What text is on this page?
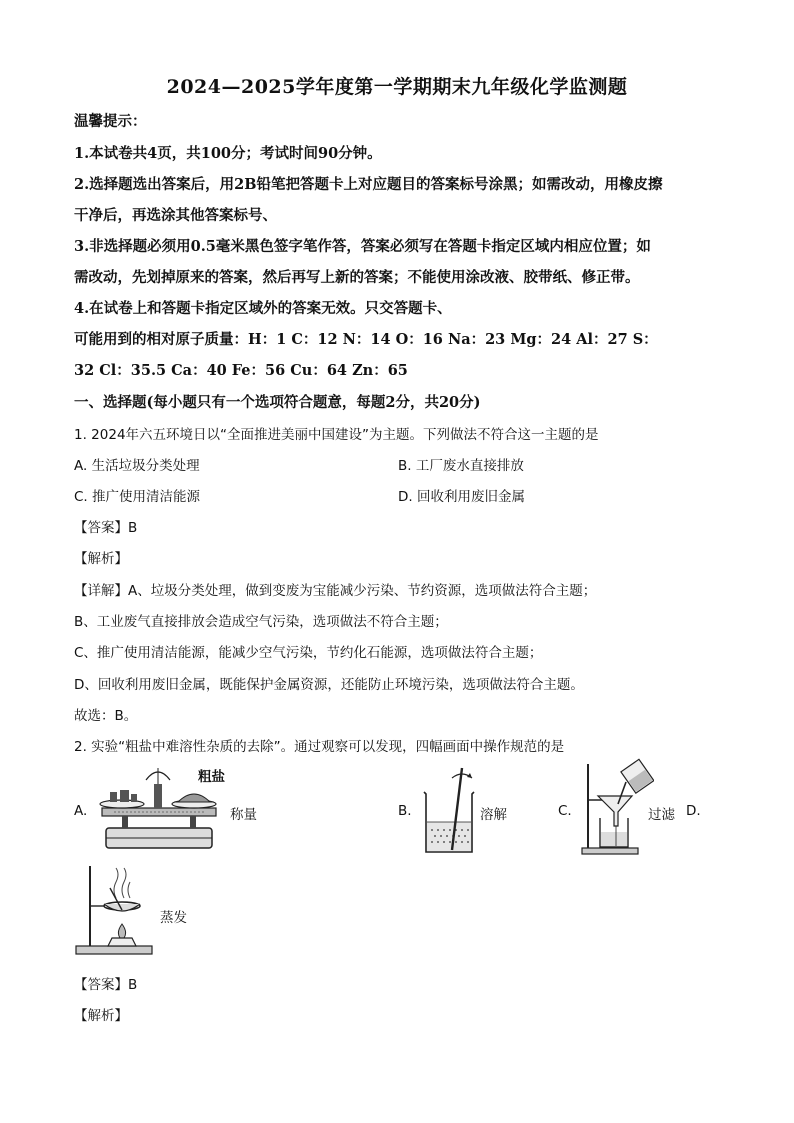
2024—2025学年度第一学期期末九年级化学监测题
温馨提示：
1.本试卷共4页，共100分；考试时间90分钟。
2.选择题选出答案后，用2B铅笔把答题卡上对应题目的答案标号涂黑；如需改动，用橡皮擦
干净后，再选涂其他答案标号、
3.非选择题必须用0.5毫米黑色签字笔作答，答案必须写在答题卡指定区域内相应位置；如
需改动，先划掉原来的答案，然后再写上新的答案；不能使用涂改液、胶带纸、修正带。
4.在试卷上和答题卡指定区域外的答案无效。只交答题卡、
可能用到的相对原子质量：H：1 C：12 N：14 O：16 Na：23 Mg：24 Al：27 S：
32 Cl：35.5 Ca：40 Fe：56 Cu：64 Zn：65
一、选择题(每小题只有一个选项符合题意，每题2分，共20分)
1. 2024年六五环境日以“全面推进美丽中国建设”为主题。下列做法不符合这一主题的是
A. 生活垃圾分类处理	B. 工厂废水直接排放
C. 推广使用清洁能源	D. 回收利用废旧金属
【答案】B
【解析】
【详解】A、垃圾分类处理，做到变废为宝能减少污染、节约资源，选项做法符合主题；
B、工业废气直接排放会造成空气污染，选项做法不符合主题；
C、推广使用清洁能源，能减少空气污染，节约化石能源，选项做法符合主题；
D、回收利用废旧金属，既能保护金属资源，还能防止环境污染，选项做法符合主题。
故选：B。
2. 实验“粗盐中难溶性杂质的去除”。通过观察可以发现，四幅画面中操作规范的是
A.
粗盐
称量	B.	溶解	C.	过滤 D.
蒸发
【答案】B
【解析】
